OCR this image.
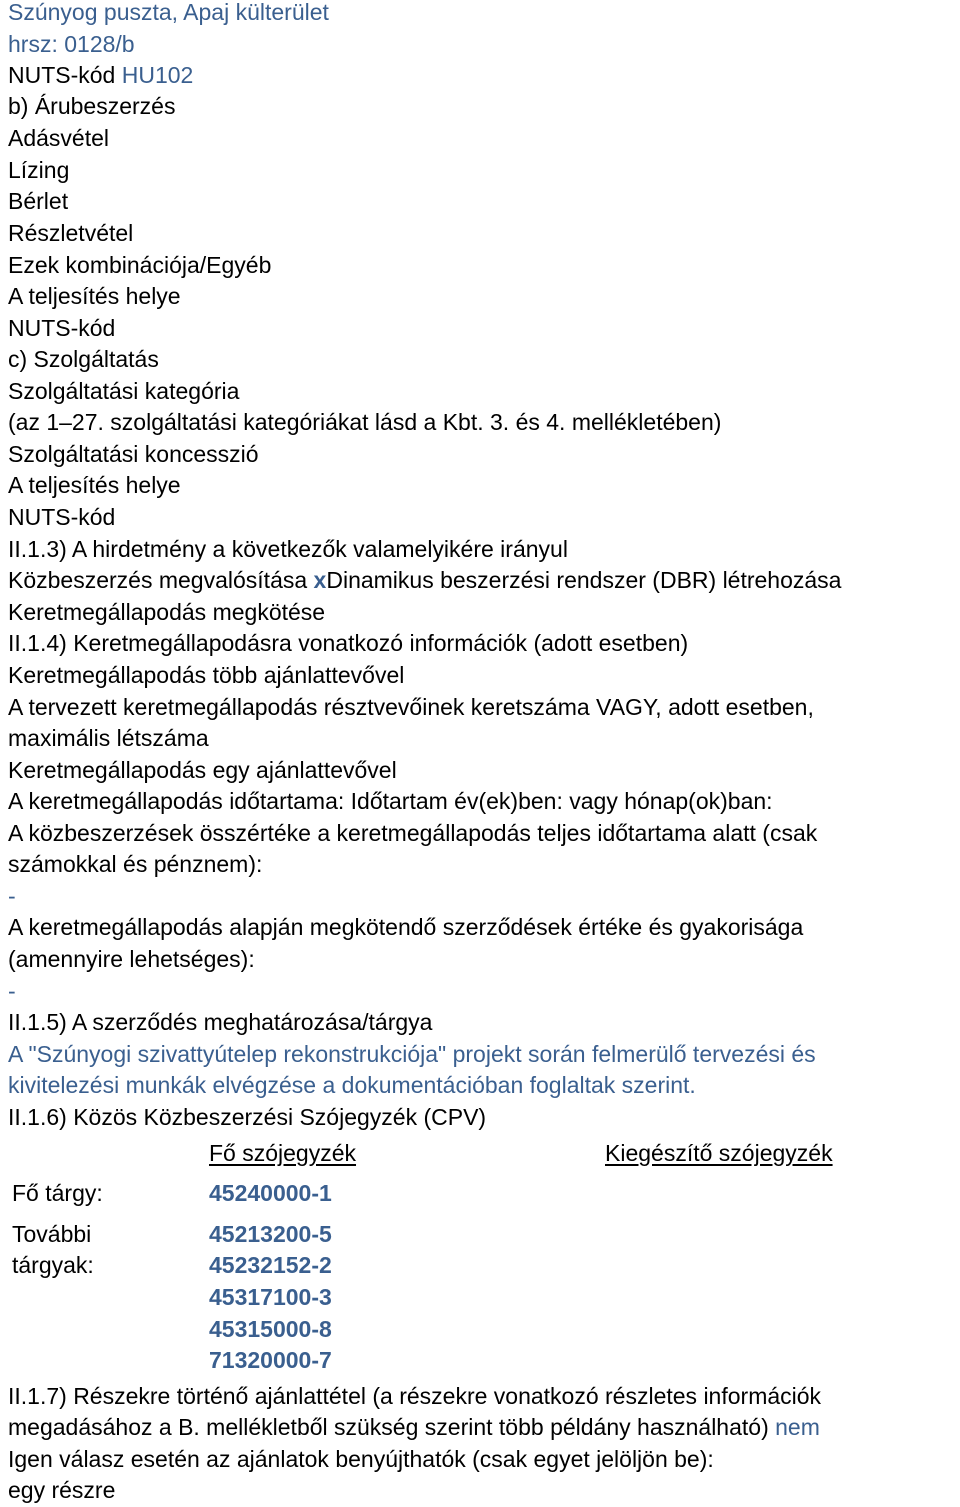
Szúnyog puszta, Apaj külterület
hrsz: 0128/b
NUTS-kód HU102
b) Árubeszerzés
Adásvétel
Lízing
Bérlet
Részletvétel
Ezek kombinációja/Egyéb
A teljesítés helye
NUTS-kód
c) Szolgáltatás
Szolgáltatási kategória
(az 1–27. szolgáltatási kategóriákat lásd a Kbt. 3. és 4. mellékletében)
Szolgáltatási koncesszió
A teljesítés helye
NUTS-kód
II.1.3) A hirdetmény a következők valamelyikére irányul
Közbeszerzés megvalósítása xDinamikus beszerzési rendszer (DBR) létrehozása
Keretmegállapodás megkötése
II.1.4) Keretmegállapodásra vonatkozó információk (adott esetben)
Keretmegállapodás több ajánlattevővel
A tervezett keretmegállapodás résztvevőinek keretszáma VAGY, adott esetben,
maximális létszáma
Keretmegállapodás egy ajánlattevővel
A keretmegállapodás időtartama: Időtartam év(ek)ben: vagy hónap(ok)ban:
A közbeszerzések összértéke a keretmegállapodás teljes időtartama alatt (csak
számokkal és pénznem):
-
A keretmegállapodás alapján megkötendő szerződések értéke és gyakorisága
(amennyire lehetséges):
-
II.1.5) A szerződés meghatározása/tárgya
A "Szúnyogi szivattyútelep rekonstrukciója" projekt során felmerülő tervezési és
kivitelezési munkák elvégzése a dokumentációban foglaltak szerint.
II.1.6) Közös Közbeszerzési Szójegyzék (CPV)
Fő szójegyzék	Kiegészítő szójegyzék
Fő tárgy:	45240000-1
További
tárgyak:
45213200-5
45232152-2
45317100-3
45315000-8
71320000-7
II.1.7) Részekre történő ajánlattétel (a részekre vonatkozó részletes információk
megadásához a B. mellékletből szükség szerint több példány használható) nem
Igen válasz esetén az ajánlatok benyújthatók (csak egyet jelöljön be):
egy részre
